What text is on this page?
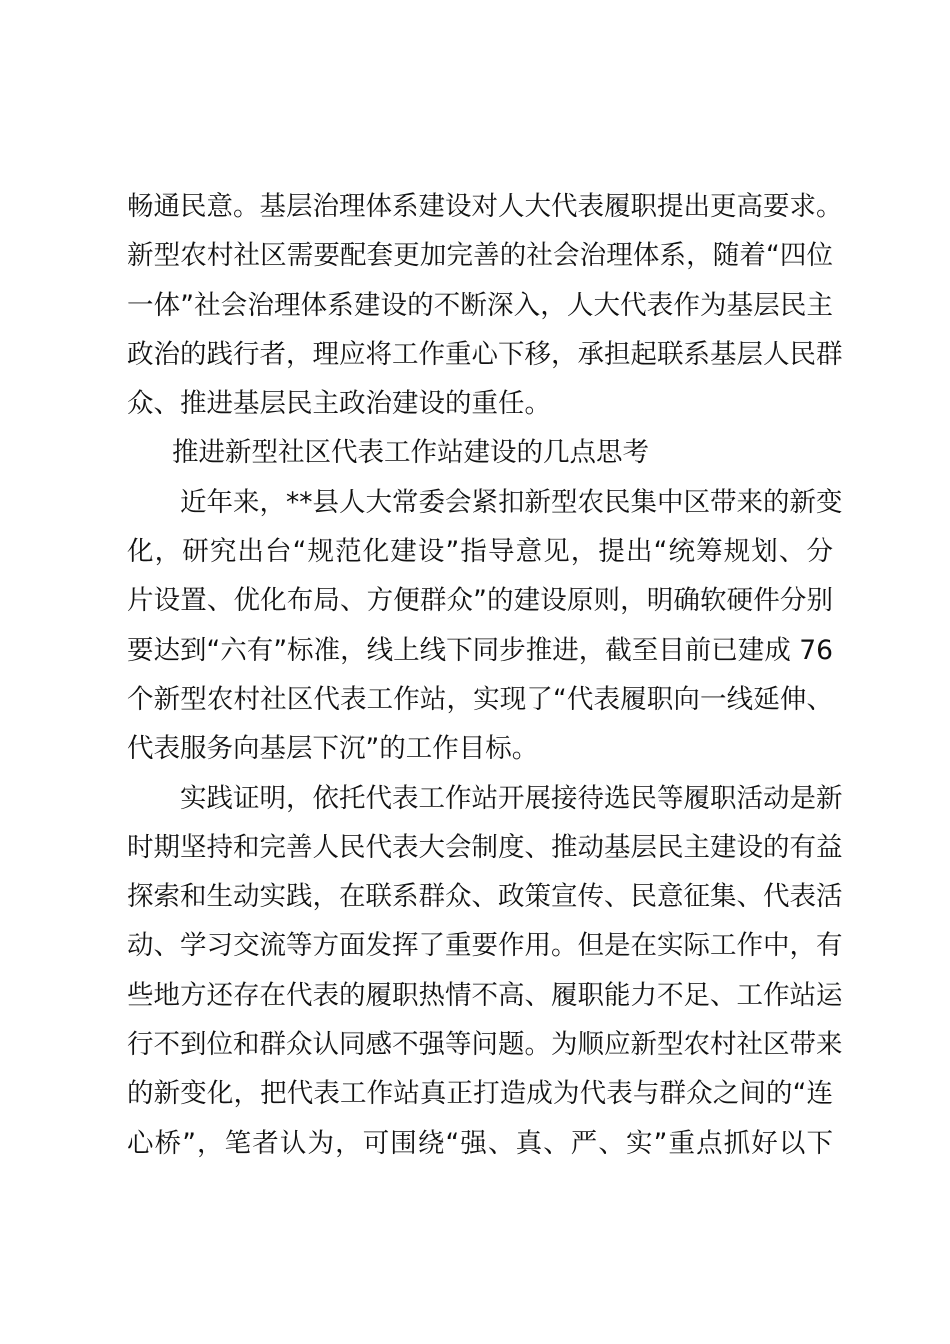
畅通民意。基层治理体系建设对人大代表履职提出更高要求。
新型农村社区需要配套更加完善的社会治理体系，随着“四位
一体”社会治理体系建设的不断深入，人大代表作为基层民主
政治的践行者，理应将工作重心下移，承担起联系基层人民群
众、推进基层民主政治建设的重任。

推进新型社区代表工作站建设的几点思考

近年来，**县人大常委会紧扣新型农民集中区带来的新变
化，研究出台“规范化建设”指导意见，提出“统筹规划、分
片设置、优化布局、方便群众”的建设原则，明确软硬件分别
要达到“六有”标准，线上线下同步推进，截至目前已建成 76
个新型农村社区代表工作站，实现了“代表履职向一线延伸、
代表服务向基层下沉”的工作目标。

实践证明，依托代表工作站开展接待选民等履职活动是新
时期坚持和完善人民代表大会制度、推动基层民主建设的有益
探索和生动实践，在联系群众、政策宣传、民意征集、代表活
动、学习交流等方面发挥了重要作用。但是在实际工作中，有
些地方还存在代表的履职热情不高、履职能力不足、工作站运
行不到位和群众认同感不强等问题。为顺应新型农村社区带来
的新变化，把代表工作站真正打造成为代表与群众之间的“连
心桥”，笔者认为，可围绕“强、真、严、实”重点抓好以下
